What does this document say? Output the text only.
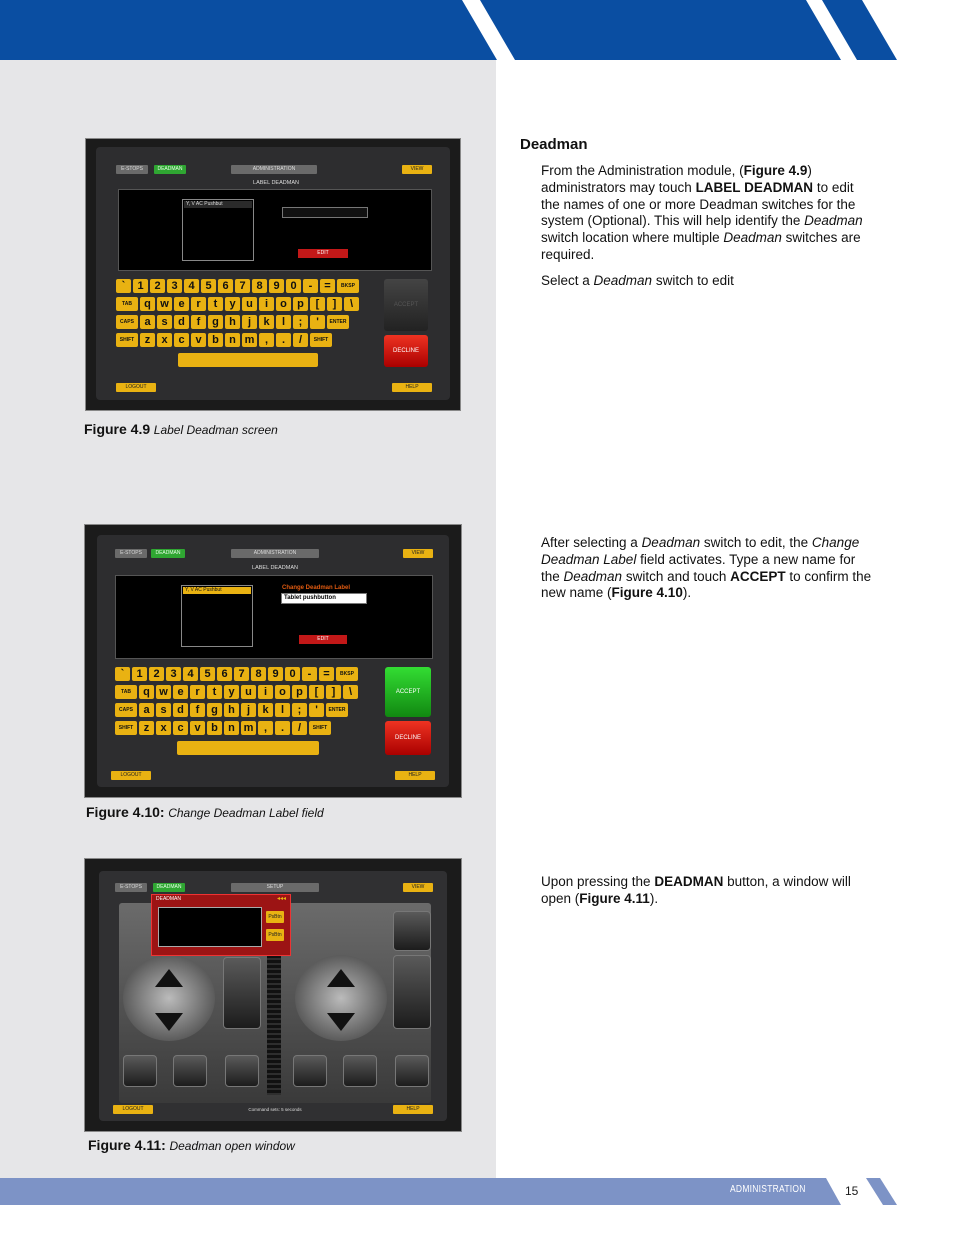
ADMINISTRATION	15
E-STOPS	DEADMAN	ADMINISTRATION	VIEW
LABEL DEADMAN
Y, V AC Pushbut
EDIT
`	1 2 3 4 5 6 7 8 9 0	-	=	BKSP
TAB	q w e	r	t	y u	i	o p	[	]	\
CAPS a s d	f	g h	j	k	l	;	'	ENTER
SHIFT z	x c v b n m ,	.	/	SHIFT
ACCEPT
DECLINE
LOGOUT	HELP
Figure 4.9 Label Deadman screen
E-STOPS	DEADMAN	ADMINISTRATION	VIEW
LABEL DEADMAN
Y, V AC Pushbut	Change Deadman Label
Tablet pushbutton
EDIT
`	1 2 3 4 5 6 7 8 9 0	-	=	BKSP
TAB	q w e	r	t	y u	i	o p	[	]	\
CAPS a s d	f	g h	j	k	l	;	'	ENTER
SHIFT z	x c v b n m ,	.	/	SHIFT
ACCEPT
DECLINE
LOGOUT	HELP
Figure 4.10: Change Deadman Label field
E-STOPS	DEADMAN	SETUP	VIEW
DEADMAN	◂◂◂
PsBtn
PsBtn
LOGOUT	Command sets: 5 seconds	HELP
Figure 4.11: Deadman open window
Deadman
From the Administration module, (Figure 4.9) administrators may touch LABEL DEADMAN to edit the names of one or more Deadman switches for the system (Optional). This will help identify the Deadman switch location where multiple Deadman switches are required.
Select a Deadman switch to edit
After selecting a Deadman switch to edit, the Change Deadman Label field activates. Type a new name for the Deadman switch and touch ACCEPT to confirm the new name (Figure 4.10).
Upon pressing the DEADMAN button, a window will open (Figure 4.11).
